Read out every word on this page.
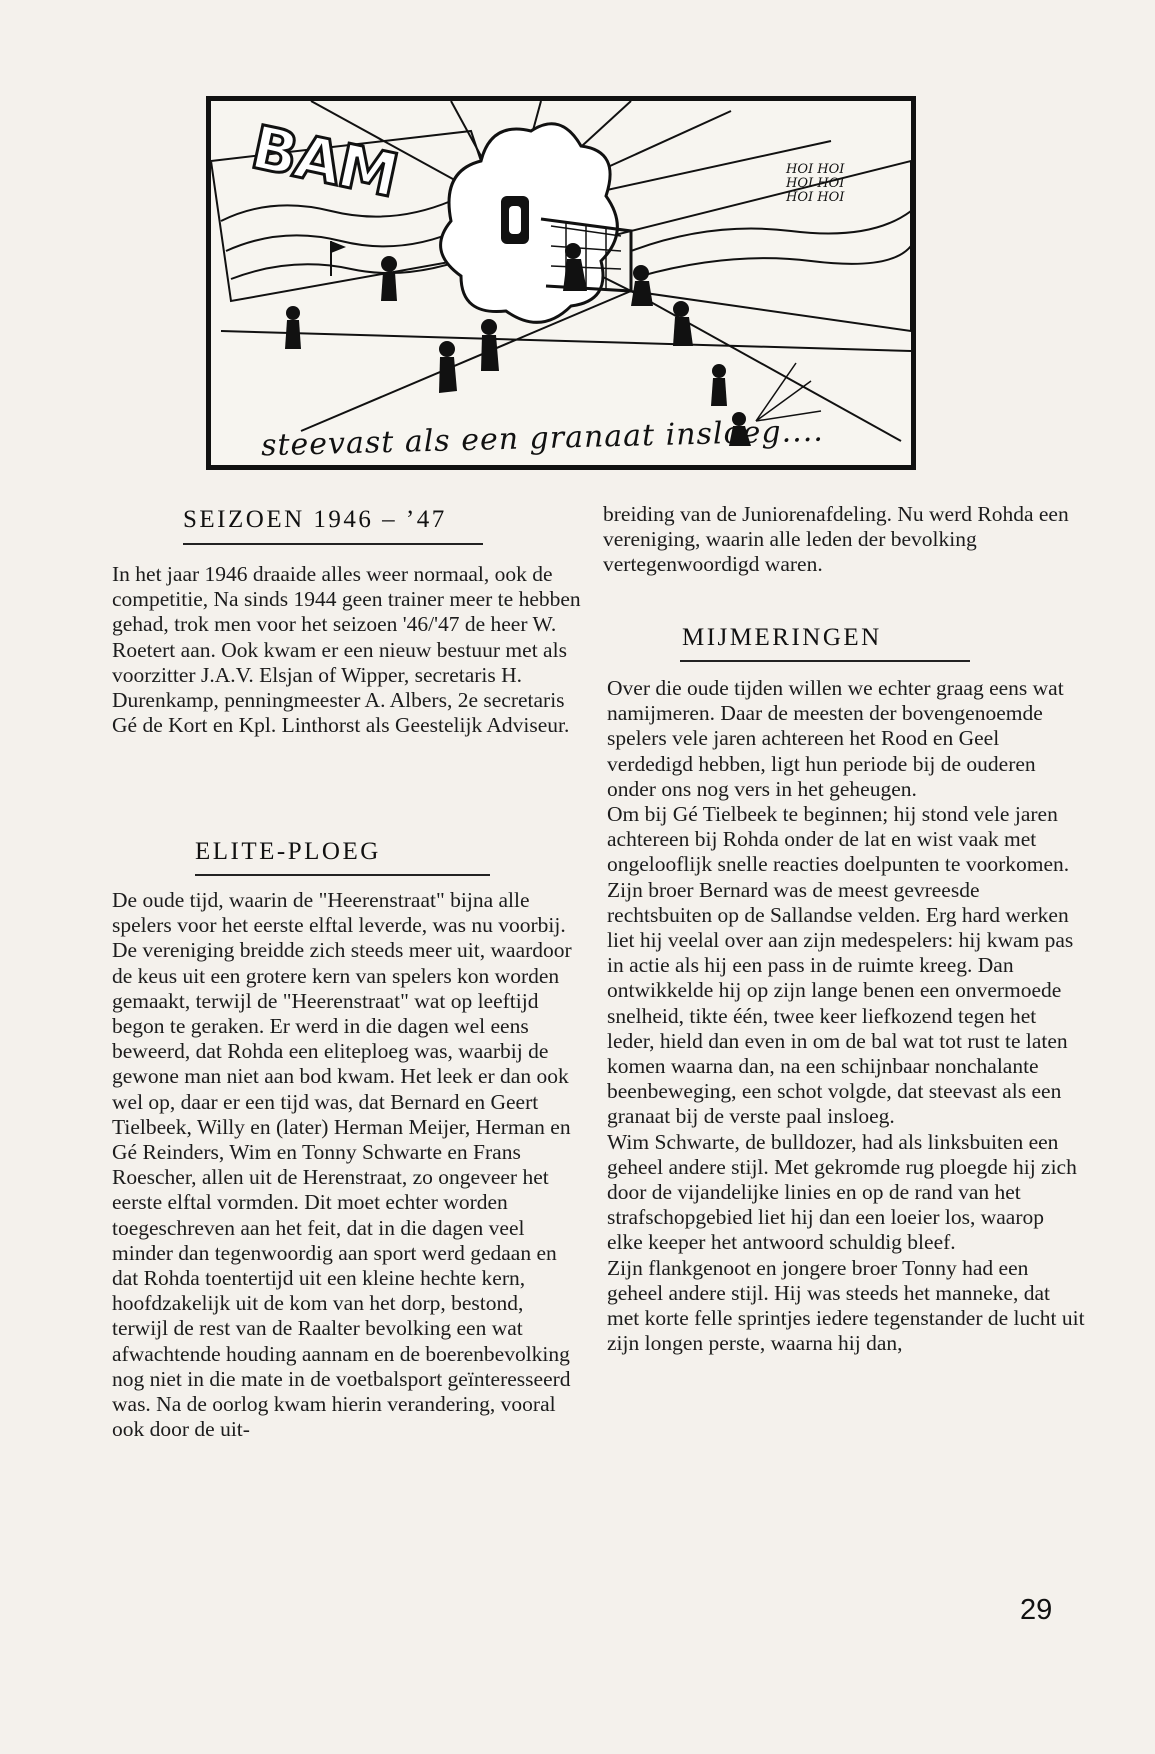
BAM	HOI HOI HOI HOI HOI HOI
steevast als een granaat insloeg....
SEIZOEN 1946 – ’47

In het jaar 1946 draaide alles weer normaal, ook de competitie, Na sinds 1944 geen trainer meer te hebben gehad, trok men voor het seizoen '46/'47 de heer W. Roetert aan. Ook kwam er een nieuw bestuur met als voorzitter J.A.V. Elsjan of Wipper, secretaris H. Durenkamp, penningmeester A. Albers, 2e secretaris Gé de Kort en Kpl. Linthorst als Geestelijk Adviseur.

ELITE-PLOEG

De oude tijd, waarin de "Heerenstraat" bijna alle spelers voor het eerste elftal leverde, was nu voorbij. De vereniging breidde zich steeds meer uit, waardoor de keus uit een grotere kern van spelers kon worden gemaakt, terwijl de "Heerenstraat" wat op leeftijd begon te geraken. Er werd in die dagen wel eens beweerd, dat Rohda een eliteploeg was, waarbij de gewone man niet aan bod kwam. Het leek er dan ook wel op, daar er een tijd was, dat Bernard en Geert Tielbeek, Willy en (later) Herman Meijer, Herman en Gé Reinders, Wim en Tonny Schwarte en Frans Roescher, allen uit de Herenstraat, zo ongeveer het eerste elftal vormden. Dit moet echter worden toegeschreven aan het feit, dat in die dagen veel minder dan tegenwoordig aan sport werd gedaan en dat Rohda toentertijd uit een kleine hechte kern, hoofdzakelijk uit de kom van het dorp, bestond, terwijl de rest van de Raalter bevolking een wat afwachtende houding aannam en de boerenbevolking nog niet in die mate in de voetbalsport geïnteresseerd was. Na de oorlog kwam hierin verandering, vooral ook door de uit-

breiding van de Juniorenafdeling. Nu werd Rohda een vereniging, waarin alle leden der bevolking vertegenwoordigd waren.

MIJMERINGEN

Over die oude tijden willen we echter graag eens wat namijmeren. Daar de meesten der bovengenoemde spelers vele jaren achtereen het Rood en Geel verdedigd hebben, ligt hun periode bij de ouderen onder ons nog vers in het geheugen.

Om bij Gé Tielbeek te beginnen; hij stond vele jaren achtereen bij Rohda onder de lat en wist vaak met ongelooflijk snelle reacties doelpunten te voorkomen. Zijn broer Bernard was de meest gevreesde rechtsbuiten op de Sallandse velden. Erg hard werken liet hij veelal over aan zijn medespelers: hij kwam pas in actie als hij een pass in de ruimte kreeg. Dan ontwikkelde hij op zijn lange benen een onvermoede snelheid, tikte één, twee keer liefkozend tegen het leder, hield dan even in om de bal wat tot rust te laten komen waarna dan, na een schijnbaar nonchalante beenbeweging, een schot volgde, dat steevast als een granaat bij de verste paal insloeg.

Wim Schwarte, de bulldozer, had als linksbuiten een geheel andere stijl. Met gekromde rug ploegde hij zich door de vijandelijke linies en op de rand van het strafschopgebied liet hij dan een loeier los, waarop elke keeper het antwoord schuldig bleef.

Zijn flankgenoot en jongere broer Tonny had een geheel andere stijl. Hij was steeds het manneke, dat met korte felle sprintjes iedere tegenstander de lucht uit zijn longen perste, waarna hij dan,

29
